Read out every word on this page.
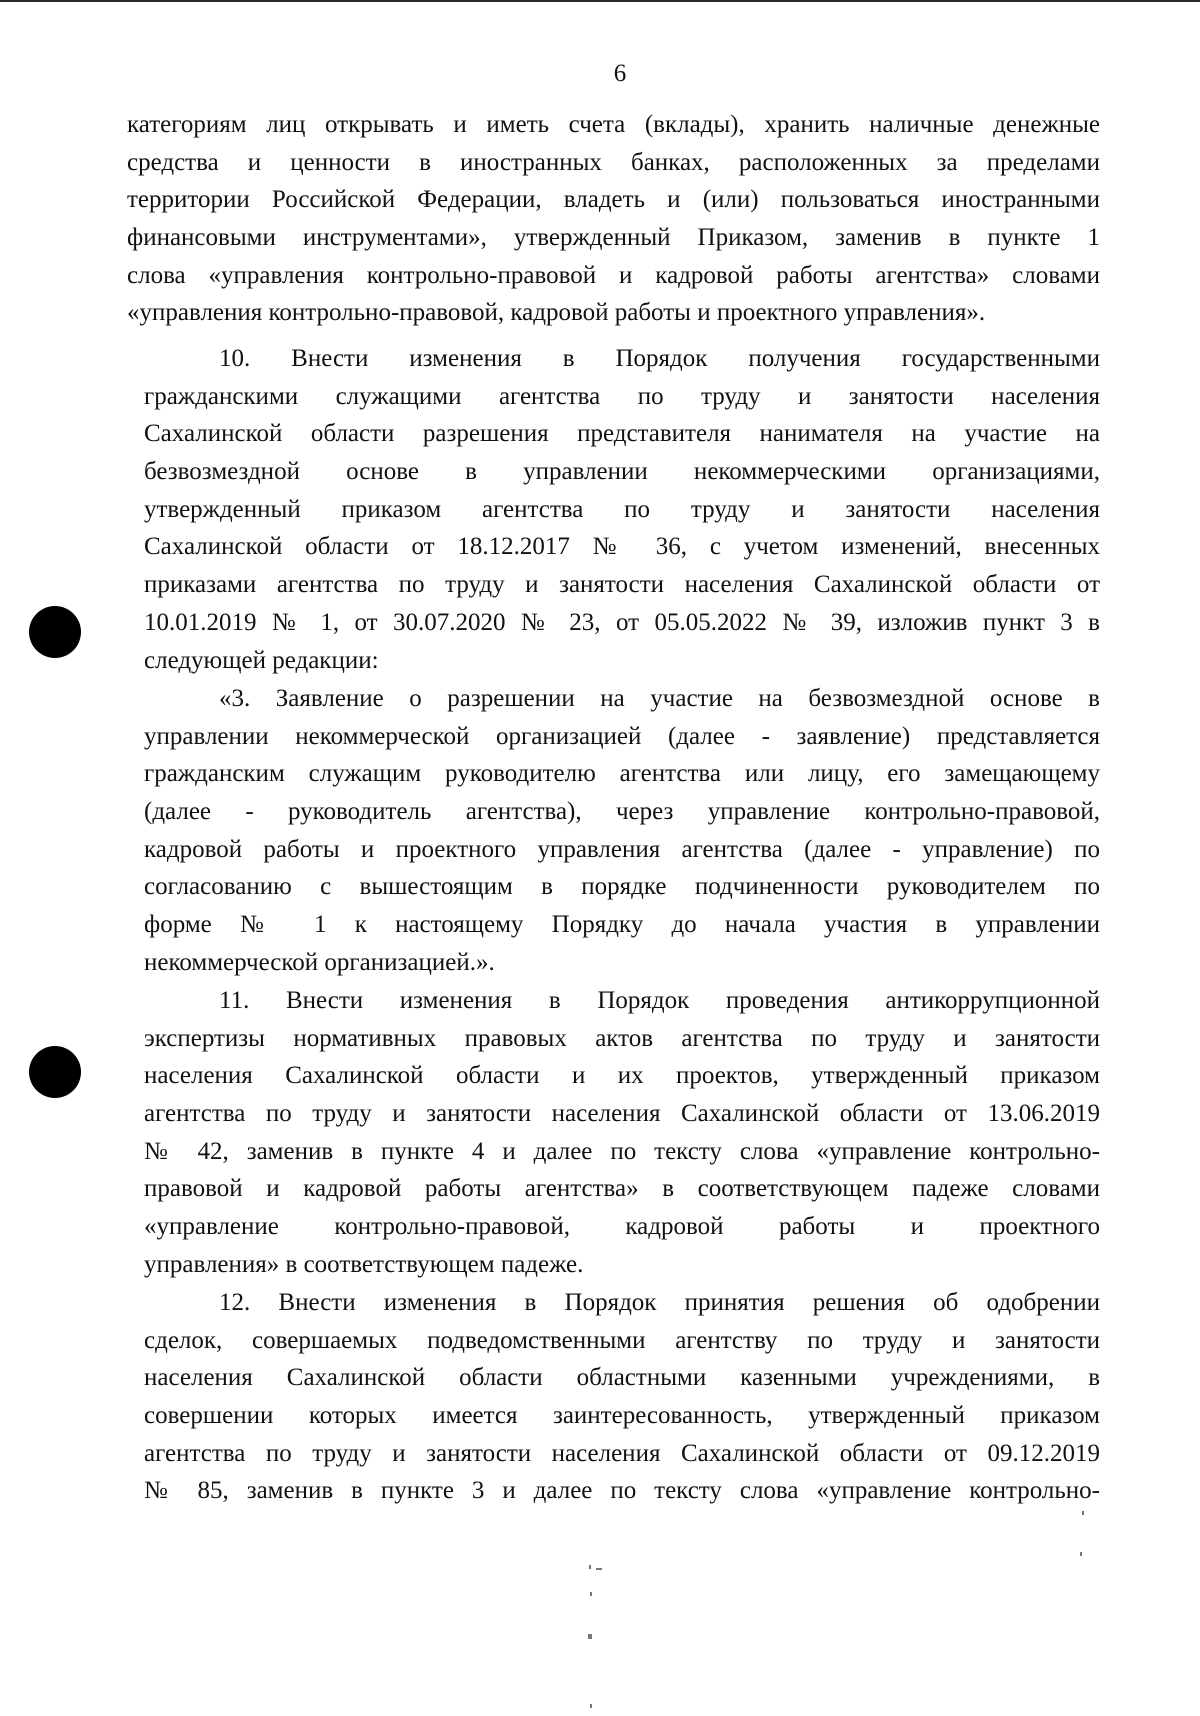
6
категориям лиц открывать и иметь счета (вклады), хранить наличные денежные
средства и ценности в иностранных банках, расположенных за пределами
территории Российской Федерации, владеть и (или) пользоваться иностранными
финансовыми инструментами», утвержденный Приказом, заменив в пункте 1
слова «управления контрольно-правовой и кадровой работы агентства» словами
«управления контрольно-правовой, кадровой работы и проектного управления».
10. Внести изменения в Порядок получения государственными
гражданскими служащими агентства по труду и занятости населения
Сахалинской области разрешения представителя нанимателя на участие на
безвозмездной основе в управлении некоммерческими организациями,
утвержденный приказом агентства по труду и занятости населения
Сахалинской области от 18.12.2017 № 36, с учетом изменений, внесенных
приказами агентства по труду и занятости населения Сахалинской области от
10.01.2019 № 1, от 30.07.2020 № 23, от 05.05.2022 № 39, изложив пункт 3 в
следующей редакции:
«3. Заявление о разрешении на участие на безвозмездной основе в
управлении некоммерческой организацией (далее - заявление) представляется
гражданским служащим руководителю агентства или лицу, его замещающему
(далее - руководитель агентства), через управление контрольно-правовой,
кадровой работы и проектного управления агентства (далее - управление) по
согласованию с вышестоящим в порядке подчиненности руководителем по
форме № 1 к настоящему Порядку до начала участия в управлении
некоммерческой организацией.».
11. Внести изменения в Порядок проведения антикоррупционной
экспертизы нормативных правовых актов агентства по труду и занятости
населения Сахалинской области и их проектов, утвержденный приказом
агентства по труду и занятости населения Сахалинской области от 13.06.2019
№ 42, заменив в пункте 4 и далее по тексту слова «управление контрольно-
правовой и кадровой работы агентства» в соответствующем падеже словами
«управление контрольно-правовой, кадровой работы и проектного
управления» в соответствующем падеже.
12. Внести изменения в Порядок принятия решения об одобрении
сделок, совершаемых подведомственными агентству по труду и занятости
населения Сахалинской области областными казенными учреждениями, в
совершении которых имеется заинтересованность, утвержденный приказом
агентства по труду и занятости населения Сахалинской области от 09.12.2019
№ 85, заменив в пункте 3 и далее по тексту слова «управление контрольно-
